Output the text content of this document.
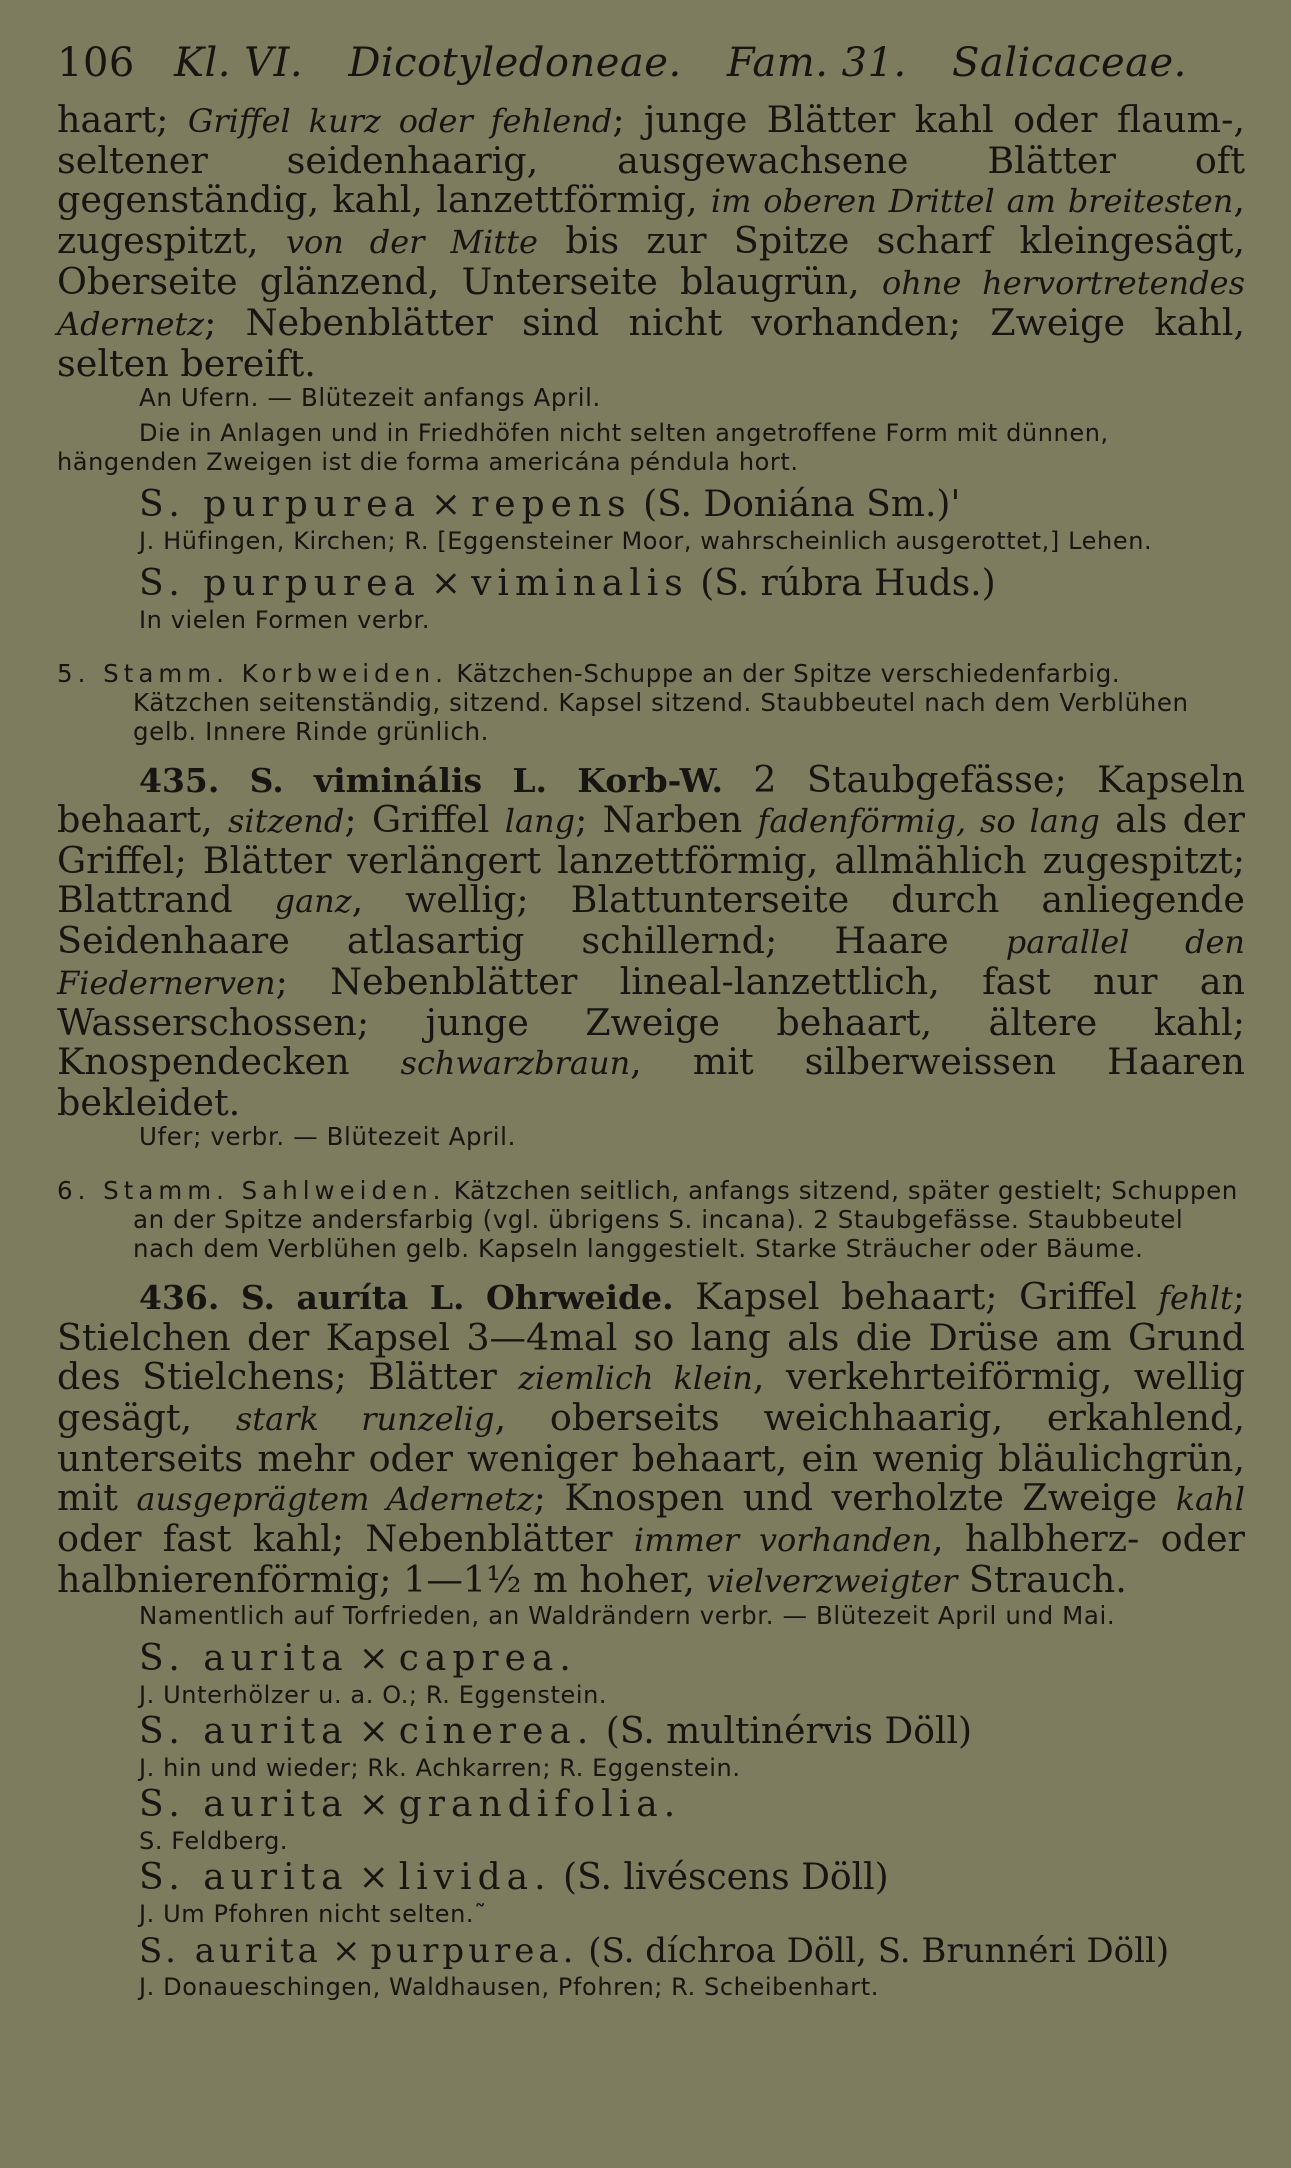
106 Kl. VI. Dicotyledoneae. Fam. 31. Salicaceae.
haart; Griffel kurz oder fehlend; junge Blätter kahl oder flaum-, seltener seidenhaarig, ausgewachsene Blätter oft gegenständig, kahl, lanzettförmig, im oberen Drittel am breitesten, zugespitzt, von der Mitte bis zur Spitze scharf kleingesägt, Oberseite glänzend, Unterseite blaugrün, ohne hervortretendes Adernetz; Nebenblätter sind nicht vorhanden; Zweige kahl, selten bereift.
An Ufern. — Blütezeit anfangs April.
Die in Anlagen und in Friedhöfen nicht selten angetroffene Form mit dünnen, hängenden Zweigen ist die forma americána péndula hort.
S. purpurea ⨯ repens (S. Doniána Sm.)'
J. Hüfingen, Kirchen; R. [Eggensteiner Moor, wahrscheinlich ausgerottet,] Lehen.
S. purpurea × viminalis (S. rúbra Huds.)
In vielen Formen verbr.
5. Stamm. Korbweiden. Kätzchen-Schuppe an der Spitze verschiedenfarbig. Kätzchen seitenständig, sitzend. Kapsel sitzend. Staubbeutel nach dem Verblühen gelb. Innere Rinde grünlich.
435. S. viminális L. Korb-W. 2 Staubgefässe; Kapseln behaart, sitzend; Griffel lang; Narben fadenförmig, so lang als der Griffel; Blätter verlängert lanzettförmig, allmählich zugespitzt; Blattrand ganz, wellig; Blattunterseite durch anliegende Seidenhaare atlasartig schillernd; Haare parallel den Fiedernerven; Nebenblätter lineal-lanzettlich, fast nur an Wasserschossen; junge Zweige behaart, ältere kahl; Knospendecken schwarzbraun, mit silberweissen Haaren bekleidet.
Ufer; verbr. — Blütezeit April.
6. Stamm. Sahlweiden. Kätzchen seitlich, anfangs sitzend, später gestielt; Schuppen an der Spitze andersfarbig (vgl. übrigens S. incana). 2 Staubgefässe. Staubbeutel nach dem Verblühen gelb. Kapseln langgestielt. Starke Sträucher oder Bäume.
436. S. auríta L. Ohrweide. Kapsel behaart; Griffel fehlt; Stielchen der Kapsel 3—4mal so lang als die Drüse am Grund des Stielchens; Blätter ziemlich klein, verkehrteiförmig, wellig gesägt, stark runzelig, oberseits weichhaarig, erkahlend, unterseits mehr oder weniger behaart, ein wenig bläulichgrün, mit ausgeprägtem Adernetz; Knospen und verholzte Zweige kahl oder fast kahl; Nebenblätter immer vorhanden, halbherz- oder halbnierenförmig; 1—1½ m hoher, vielverzweigter Strauch.
Namentlich auf Torfrieden, an Waldrändern verbr. — Blütezeit April und Mai.
S. aurita ⨯ caprea.
J. Unterhölzer u. a. O.; R. Eggenstein.
S. aurita × cinerea. (S. multinérvis Döll)
J. hin und wieder; Rk. Achkarren; R. Eggenstein.
S. aurita ⨯ grandifolia.
S. Feldberg.
S. aurita × livida. (S. livéscens Döll)
J. Um Pfohren nicht selten.˜
S. aurita ⨯ purpurea. (S. díchroa Döll, S. Brunnéri Döll)
J. Donaueschingen, Waldhausen, Pfohren; R. Scheibenhart.
